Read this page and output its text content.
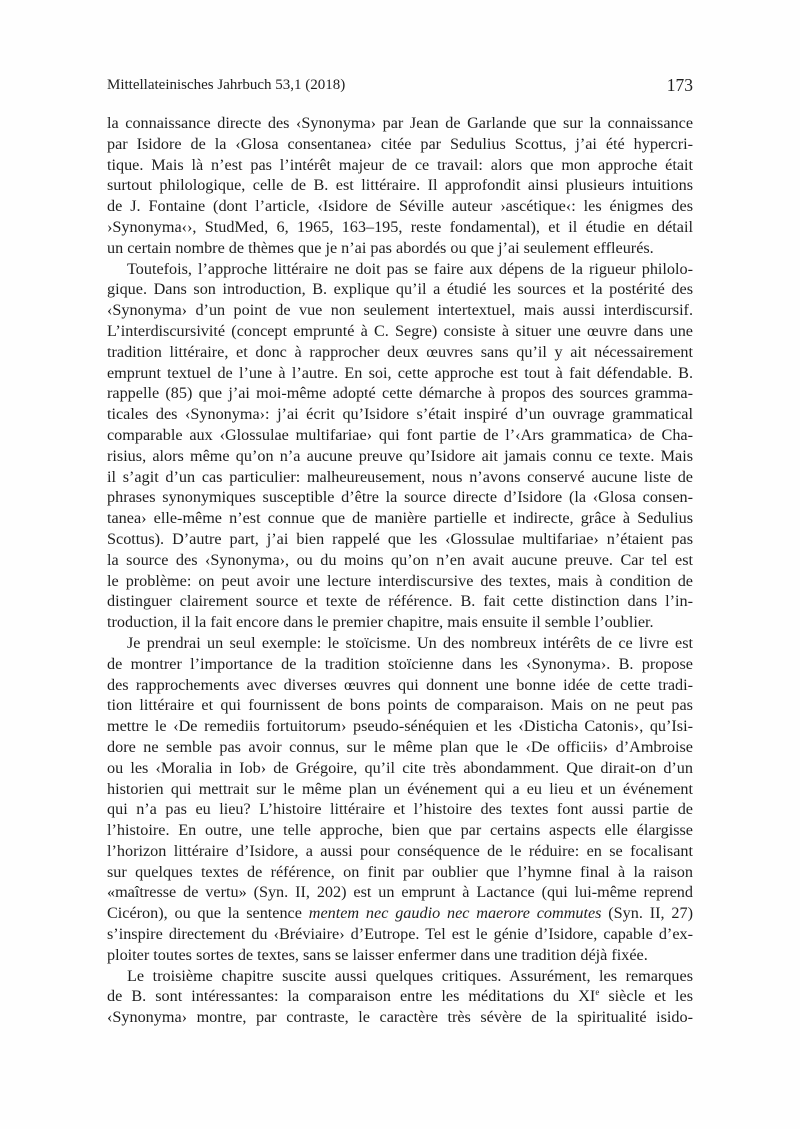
Mittellateinisches Jahrbuch 53,1 (2018)	173
la connaissance directe des ‹Synonyma› par Jean de Garlande que sur la connaissance
par Isidore de la ‹Glosa consentanea› citée par Sedulius Scottus, j’ai été hypercri-
tique. Mais là n’est pas l’intérêt majeur de ce travail: alors que mon approche était
surtout philologique, celle de B. est littéraire. Il approfondit ainsi plusieurs intuitions
de J. Fontaine (dont l’article, ‹Isidore de Séville auteur ›ascétique‹: les énigmes des
›Synonyma‹›, StudMed, 6, 1965, 163–195, reste fondamental), et il étudie en détail
un certain nombre de thèmes que je n’ai pas abordés ou que j’ai seulement effleurés.
Toutefois, l’approche littéraire ne doit pas se faire aux dépens de la rigueur philolo-
gique. Dans son introduction, B. explique qu’il a étudié les sources et la postérité des
‹Synonyma› d’un point de vue non seulement intertextuel, mais aussi interdiscursif.
L’interdiscursivité (concept emprunté à C. Segre) consiste à situer une œuvre dans une
tradition littéraire, et donc à rapprocher deux œuvres sans qu’il y ait nécessairement
emprunt textuel de l’une à l’autre. En soi, cette approche est tout à fait défendable. B.
rappelle (85) que j’ai moi-même adopté cette démarche à propos des sources gramma-
ticales des ‹Synonyma›: j’ai écrit qu’Isidore s’était inspiré d’un ouvrage grammatical
comparable aux ‹Glossulae multifariae› qui font partie de l’‹Ars grammatica› de Cha-
risius, alors même qu’on n’a aucune preuve qu’Isidore ait jamais connu ce texte. Mais
il s’agit d’un cas particulier: malheureusement, nous n’avons conservé aucune liste de
phrases synonymiques susceptible d’être la source directe d’Isidore (la ‹Glosa consen-
tanea› elle-même n’est connue que de manière partielle et indirecte, grâce à Sedulius
Scottus). D’autre part, j’ai bien rappelé que les ‹Glossulae multifariae› n’étaient pas
la source des ‹Synonyma›, ou du moins qu’on n’en avait aucune preuve. Car tel est
le problème: on peut avoir une lecture interdiscursive des textes, mais à condition de
distinguer clairement source et texte de référence. B. fait cette distinction dans l’in-
troduction, il la fait encore dans le premier chapitre, mais ensuite il semble l’oublier.
Je prendrai un seul exemple: le stoïcisme. Un des nombreux intérêts de ce livre est
de montrer l’importance de la tradition stoïcienne dans les ‹Synonyma›. B. propose
des rapprochements avec diverses œuvres qui donnent une bonne idée de cette tradi-
tion littéraire et qui fournissent de bons points de comparaison. Mais on ne peut pas
mettre le ‹De remediis fortuitorum› pseudo-sénéquien et les ‹Disticha Catonis›, qu’Isi-
dore ne semble pas avoir connus, sur le même plan que le ‹De officiis› d’Ambroise
ou les ‹Moralia in Iob› de Grégoire, qu’il cite très abondamment. Que dirait-on d’un
historien qui mettrait sur le même plan un événement qui a eu lieu et un événement
qui n’a pas eu lieu? L’histoire littéraire et l’histoire des textes font aussi partie de
l’histoire. En outre, une telle approche, bien que par certains aspects elle élargisse
l’horizon littéraire d’Isidore, a aussi pour conséquence de le réduire: en se focalisant
sur quelques textes de référence, on finit par oublier que l’hymne final à la raison
«maîtresse de vertu» (Syn. II, 202) est un emprunt à Lactance (qui lui-même reprend
Cicéron), ou que la sentence mentem nec gaudio nec maerore commutes (Syn. II, 27)
s’inspire directement du ‹Bréviaire› d’Eutrope. Tel est le génie d’Isidore, capable d’ex-
ploiter toutes sortes de textes, sans se laisser enfermer dans une tradition déjà fixée.
Le troisième chapitre suscite aussi quelques critiques. Assurément, les remarques
de B. sont intéressantes: la comparaison entre les méditations du XIe siècle et les
‹Synonyma› montre, par contraste, le caractère très sévère de la spiritualité isido-
